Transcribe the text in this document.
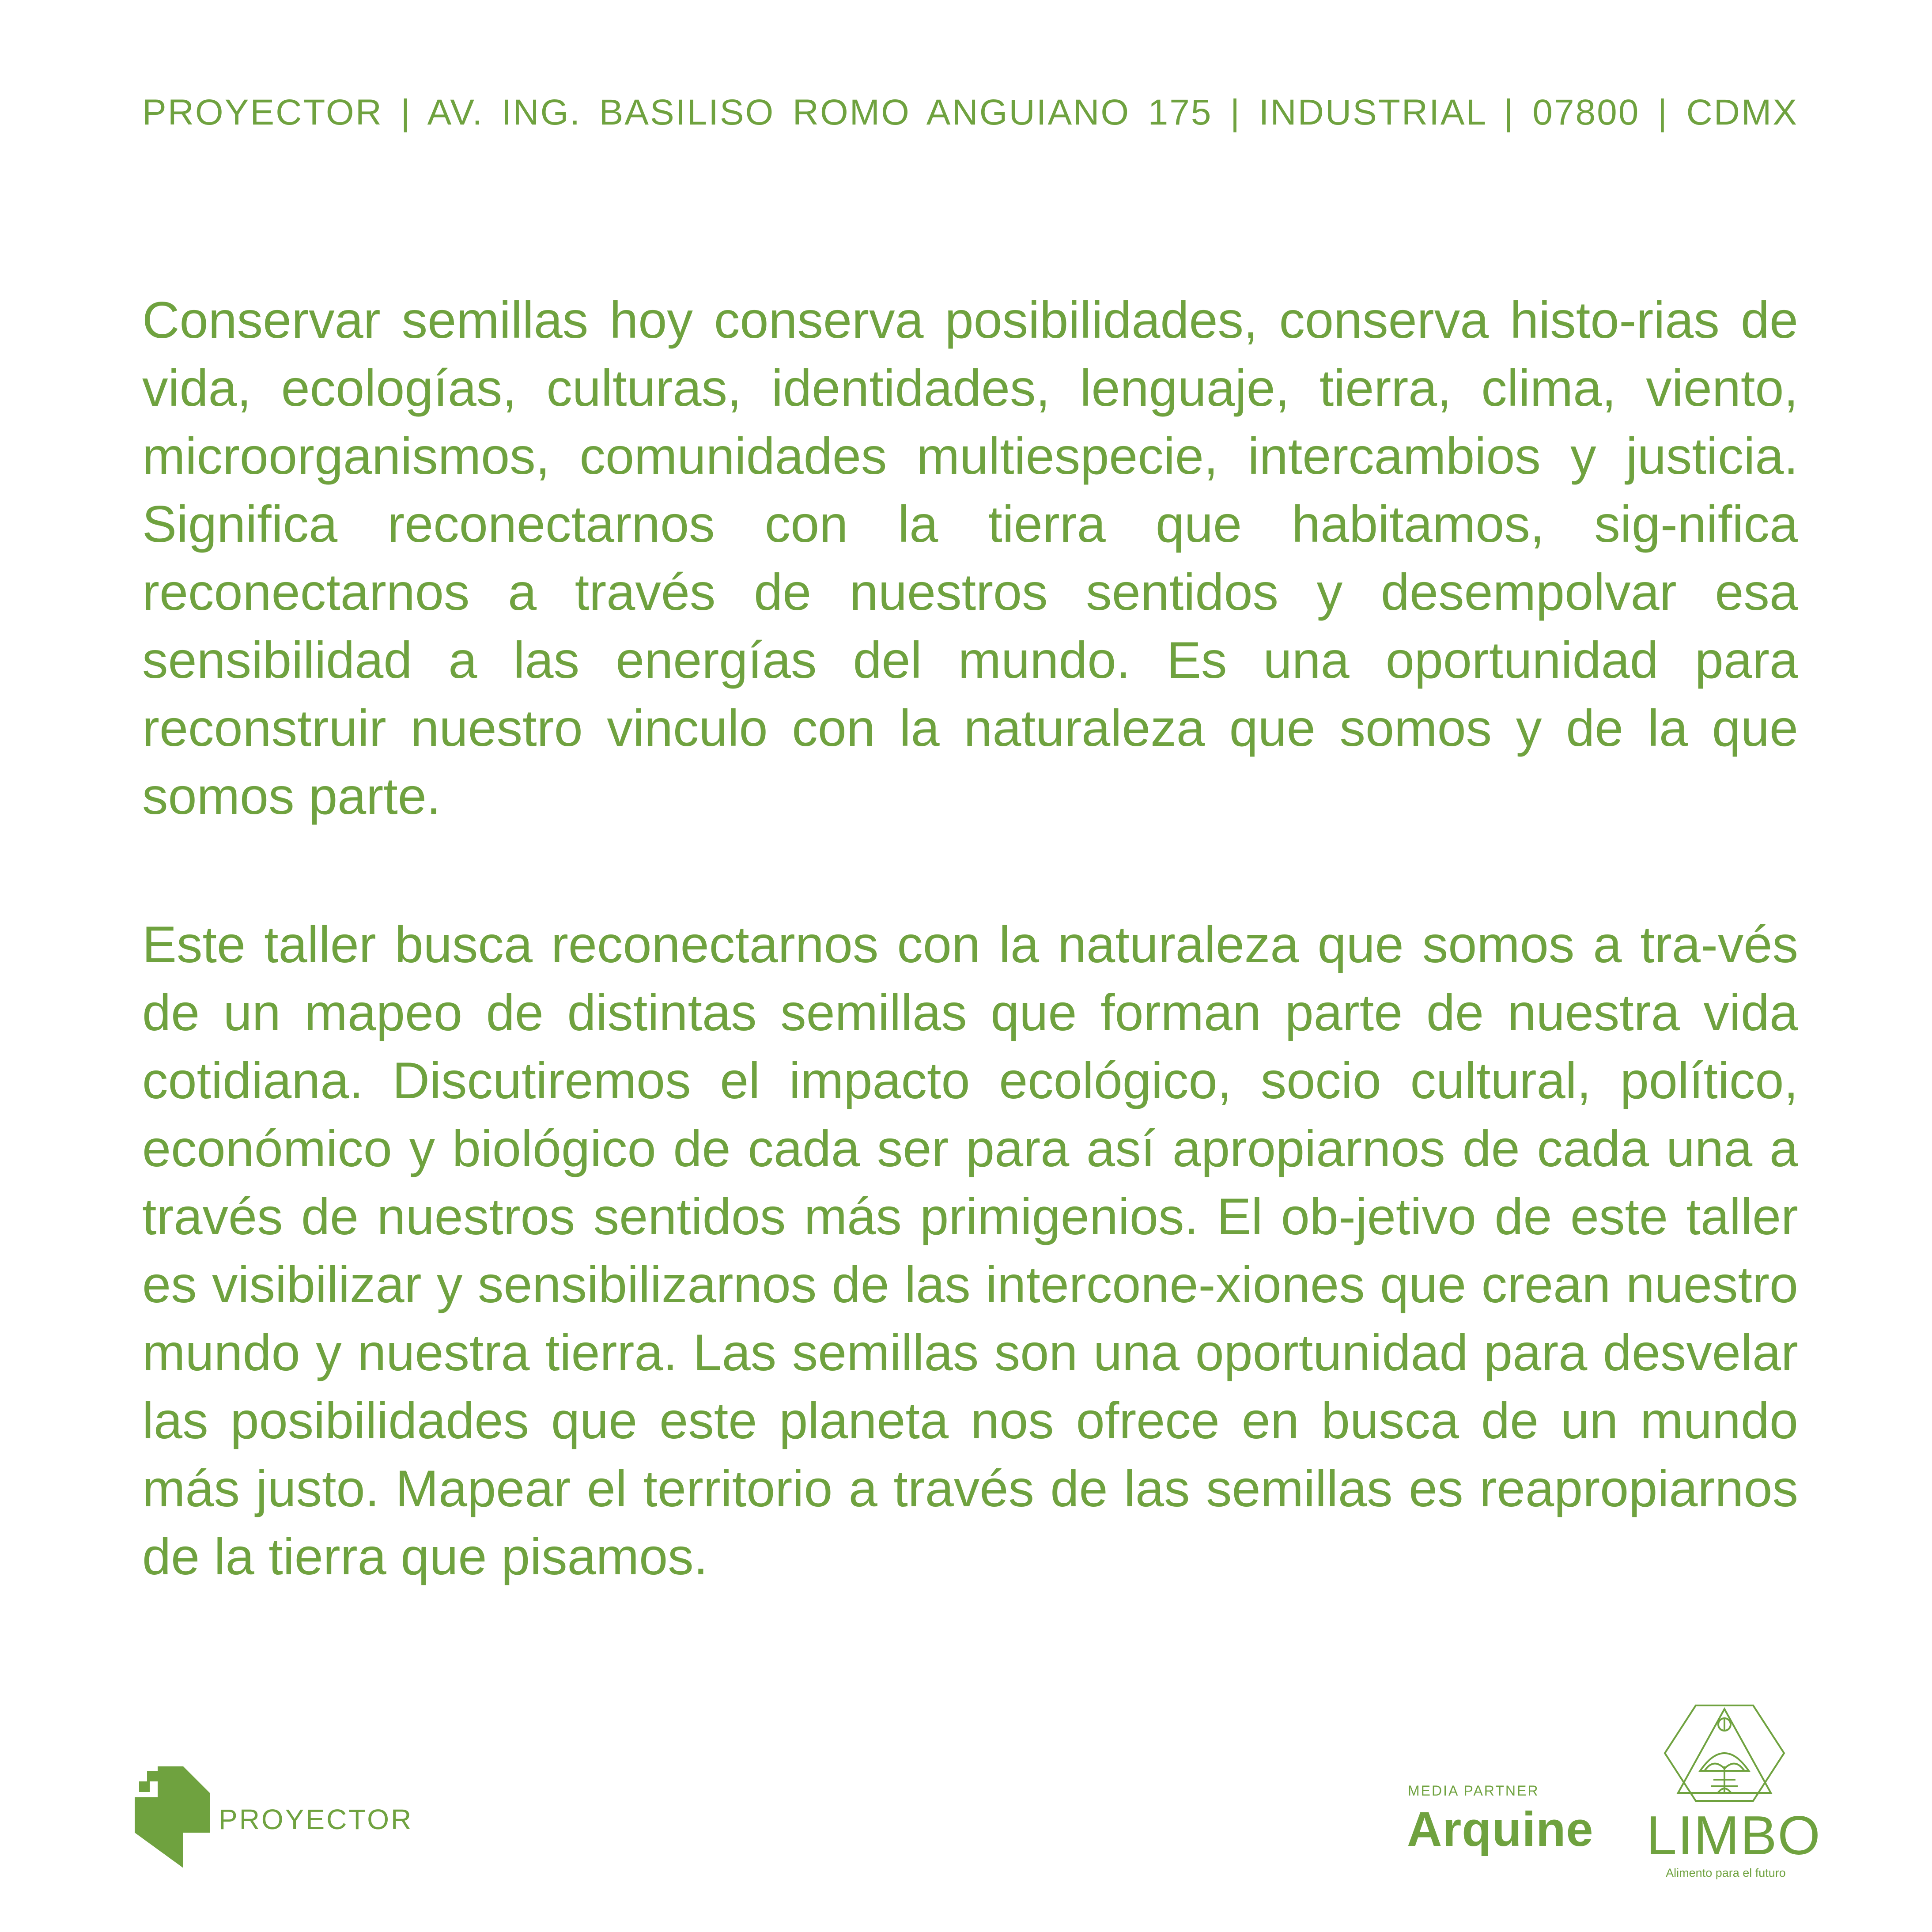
PROYECTOR | AV. ING. BASILISO ROMO ANGUIANO 175 | INDUSTRIAL | 07800 | CDMX

Conservar semillas hoy conserva posibilidades, conserva histo-rias de vida, ecologías, culturas, identidades, lenguaje, tierra, clima, viento, microorganismos, comunidades multiespecie, intercambios y justicia. Significa reconectarnos con la tierra que habitamos, sig-nifica reconectarnos a través de nuestros sentidos y desempolvar esa sensibilidad a las energías del mundo. Es una oportunidad para reconstruir nuestro vinculo con la naturaleza que somos y de la que somos parte.

Este taller busca reconectarnos con la naturaleza que somos a tra-vés de un mapeo de distintas semillas que forman parte de nuestra vida cotidiana. Discutiremos el impacto ecológico, socio cultural, político, económico y biológico de cada ser para así apropiarnos de cada una a través de nuestros sentidos más primigenios. El ob-jetivo de este taller es visibilizar y sensibilizarnos de las intercone-xiones que crean nuestro mundo y nuestra tierra. Las semillas son una oportunidad para desvelar las posibilidades que este planeta nos ofrece en busca de un mundo más justo. Mapear el territorio a través de las semillas es reapropiarnos de la tierra que pisamos.

PROYECTOR
MEDIA PARTNER
Arquine LIMBO
Alimento para el futuro
